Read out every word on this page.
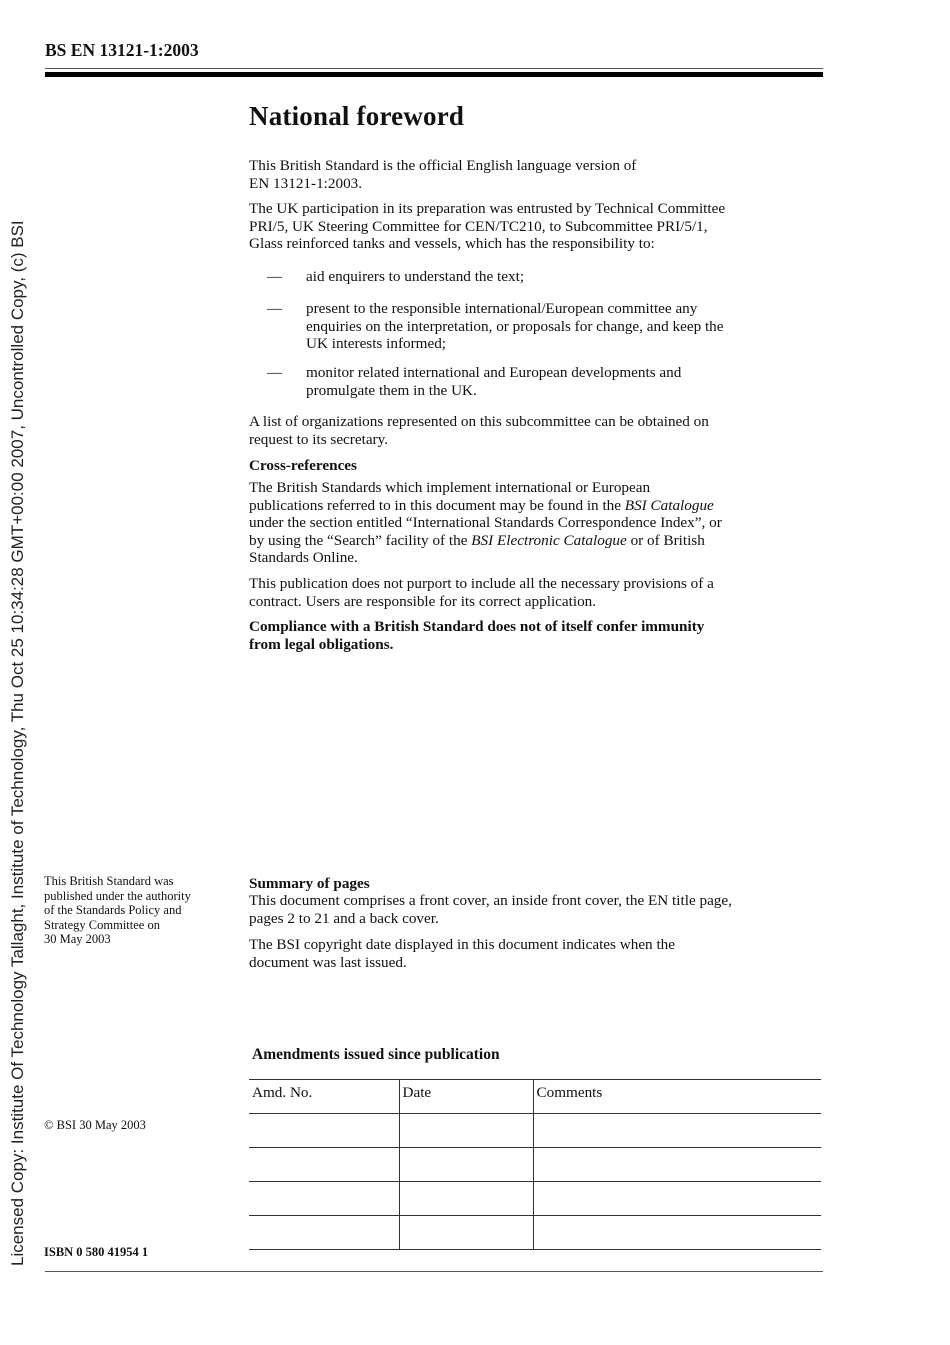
Licensed Copy: Institute Of Technology Tallaght, Institute of Technology, Thu Oct 25 10:34:28 GMT+00:00 2007, Uncontrolled Copy, (c) BSI
BS EN 13121-1:2003
National foreword

This British Standard is the official English language version of

EN 13121-1:2003.

The UK participation in its preparation was entrusted by Technical Committee

PRI/5, UK Steering Committee for CEN/TC210, to Subcommittee PRI/5/1,

Glass reinforced tanks and vessels, which has the responsibility to:

— aid enquirers to understand the text;

— present to the responsible international/European committee any

enquiries on the interpretation, or proposals for change, and keep the

UK interests informed;

— monitor related international and European developments and

promulgate them in the UK.

A list of organizations represented on this subcommittee can be obtained on

request to its secretary.

Cross-references

The British Standards which implement international or European

publications referred to in this document may be found in the BSI Catalogue

under the section entitled “International Standards Correspondence Index”, or

by using the “Search” facility of the BSI Electronic Catalogue or of British

Standards Online.

This publication does not purport to include all the necessary provisions of a

contract. Users are responsible for its correct application.

Compliance with a British Standard does not of itself confer immunity

from legal obligations.

This British Standard was

published under the authority

of the Standards Policy and

Strategy Committee on

30 May 2003

Summary of pages

This document comprises a front cover, an inside front cover, the EN title page,

pages 2 to 21 and a back cover.

The BSI copyright date displayed in this document indicates when the

document was last issued.

Amendments issued since publication
Amd. No.	Date	Comments

© BSI 30 May 2003
ISBN 0 580 41954 1
